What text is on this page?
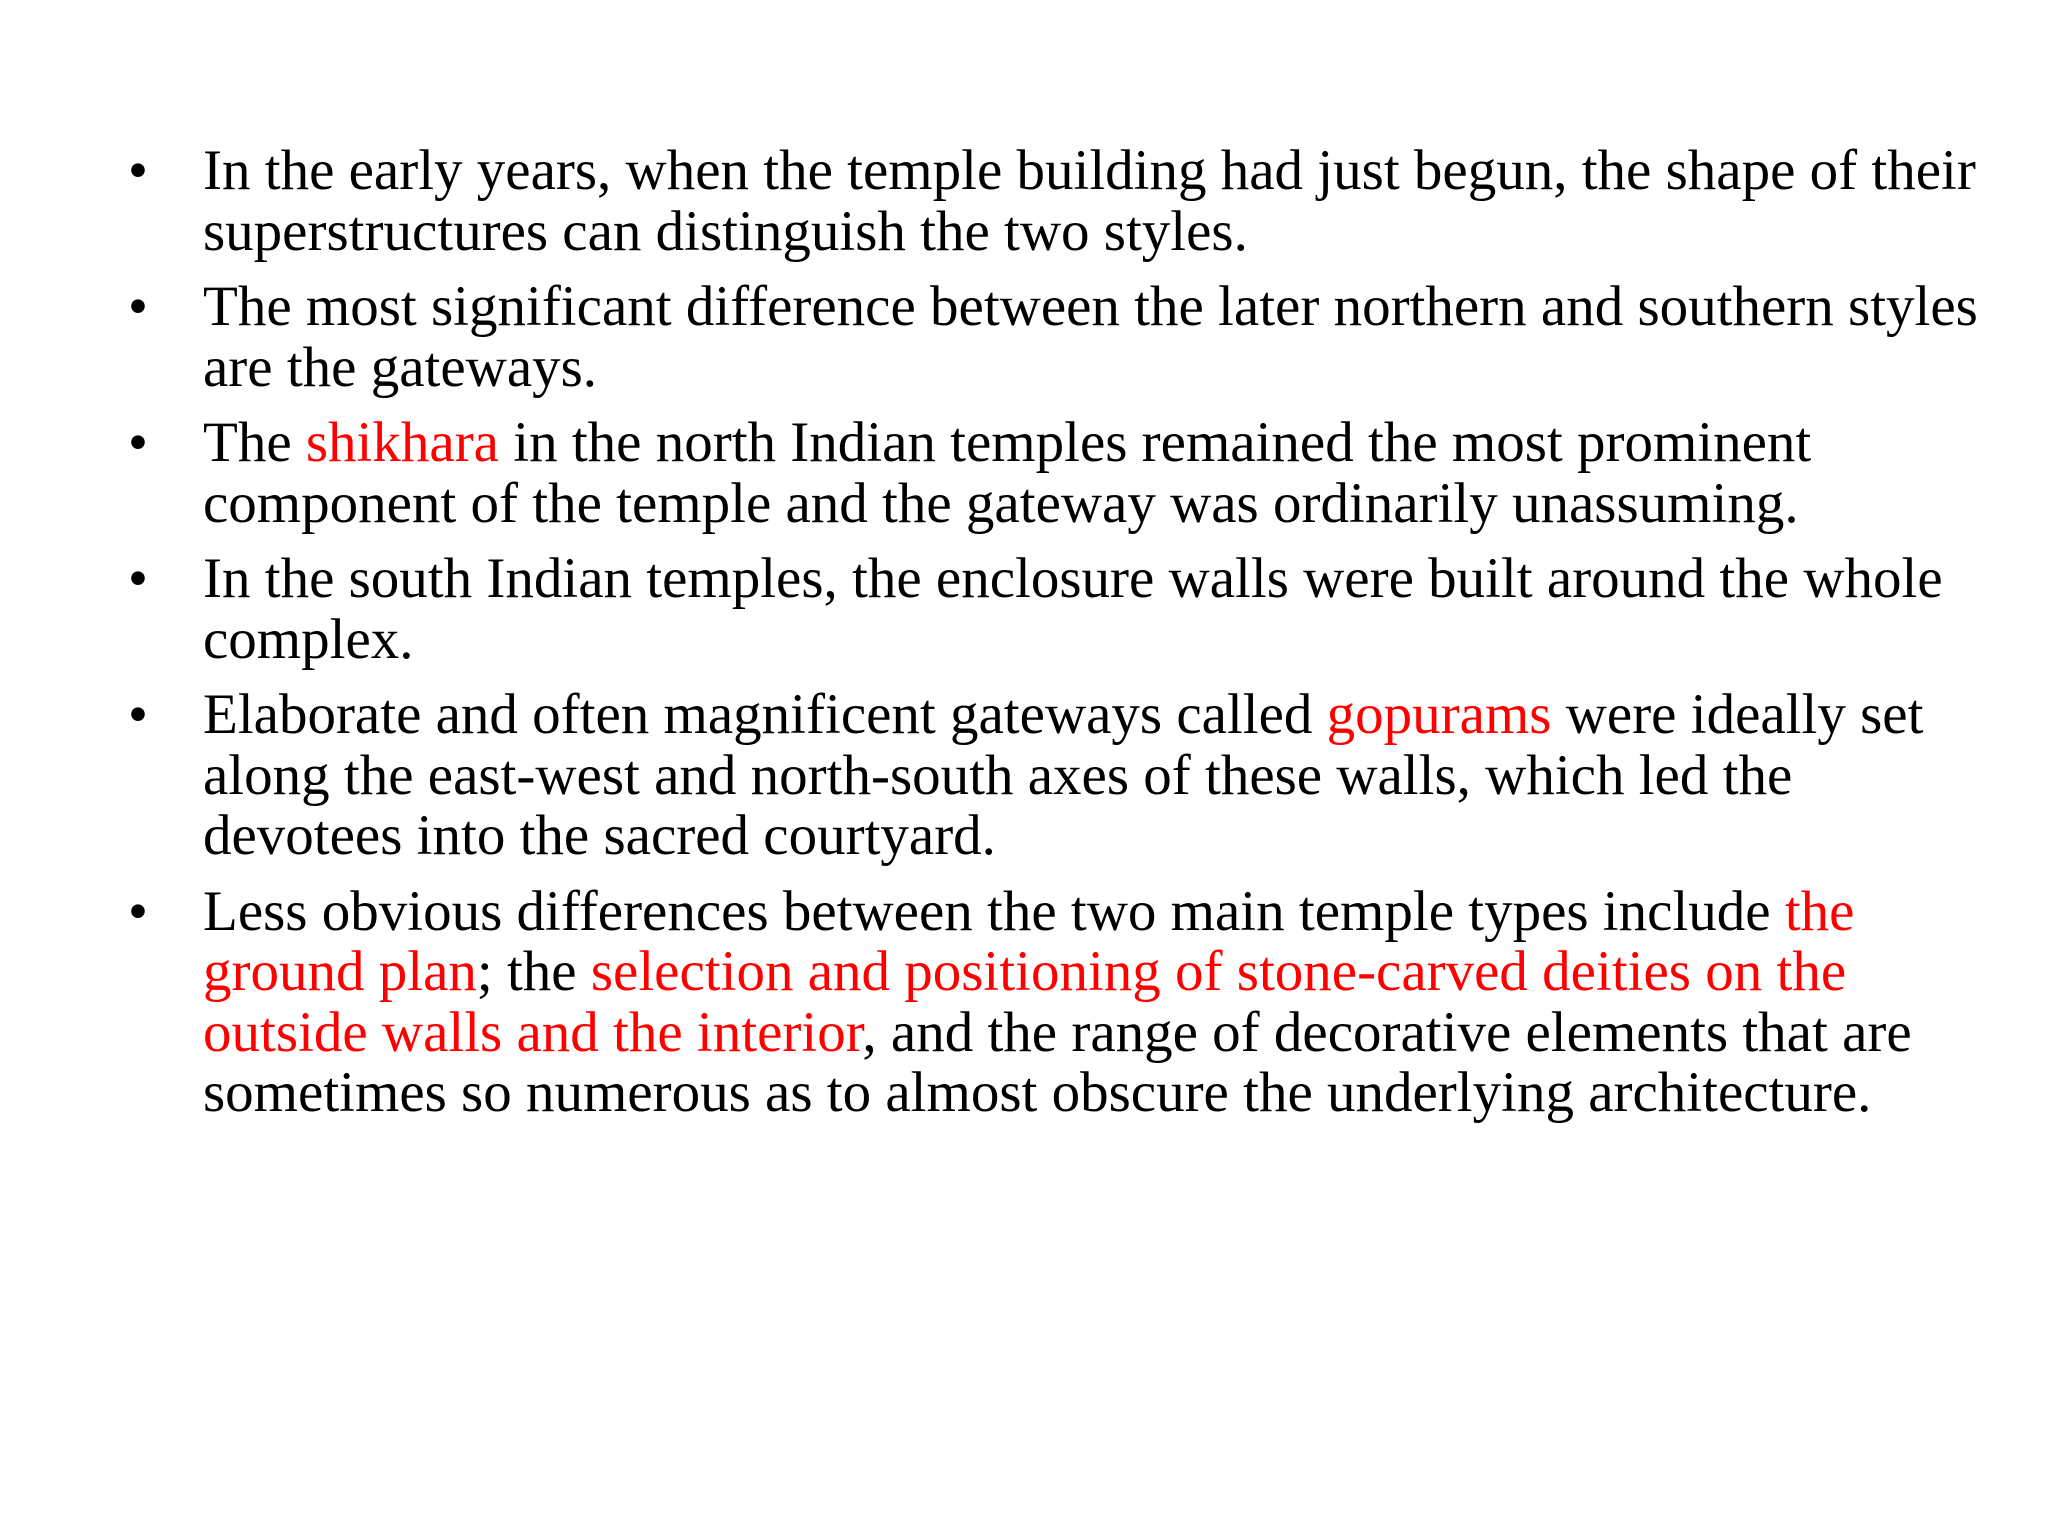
• In the early years, when the temple building had just begun, the shape of their superstructures can distinguish the two styles.
• The most significant difference between the later northern and southern styles are the gateways.
• The shikhara in the north Indian temples remained the most prominent component of the temple and the gateway was ordinarily unassuming.
• In the south Indian temples, the enclosure walls were built around the whole complex.
• Elaborate and often magnificent gateways called gopurams were ideally set along the east-west and north-south axes of these walls, which led the devotees into the sacred courtyard.
• Less obvious differences between the two main temple types include the ground plan; the selection and positioning of stone-carved deities on the outside walls and the interior, and the range of decorative elements that are sometimes so numerous as to almost obscure the underlying architecture.
